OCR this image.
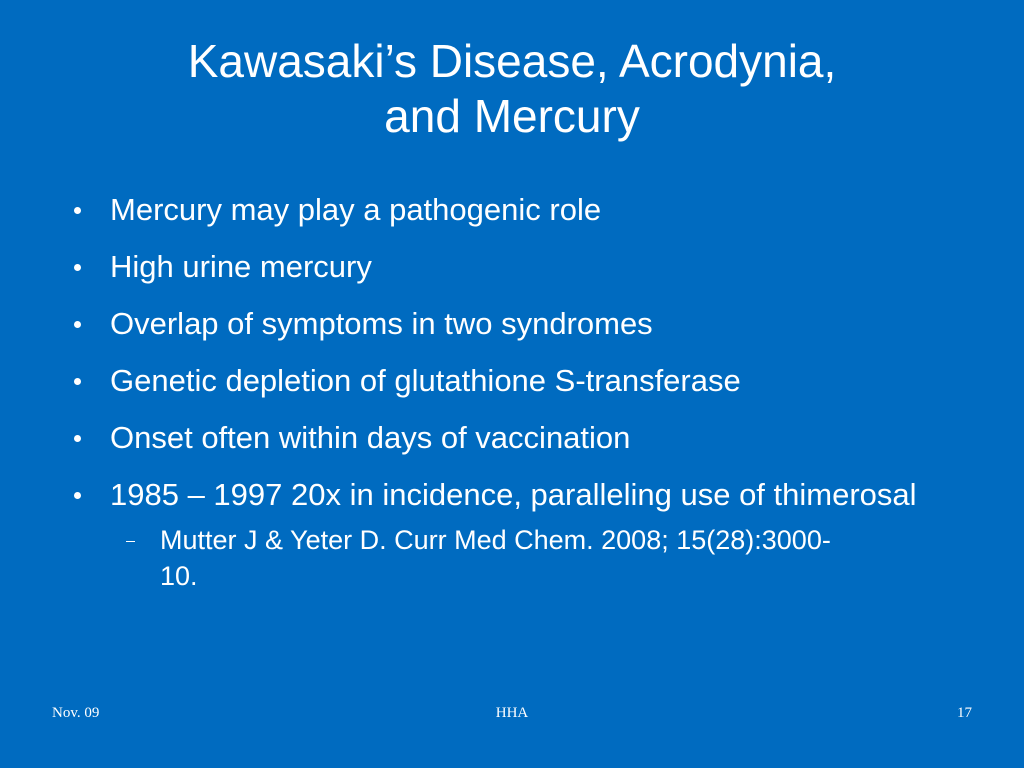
Kawasaki’s Disease, Acrodynia,
and Mercury
Mercury may play a pathogenic role
High urine mercury
Overlap of symptoms in two syndromes
Genetic depletion of glutathione S-transferase
Onset often within days of vaccination
1985 – 1997 20x in incidence, paralleling use of thimerosal
Mutter J & Yeter D. Curr Med Chem. 2008; 15(28):3000-10.
Nov. 09	HHA	17
